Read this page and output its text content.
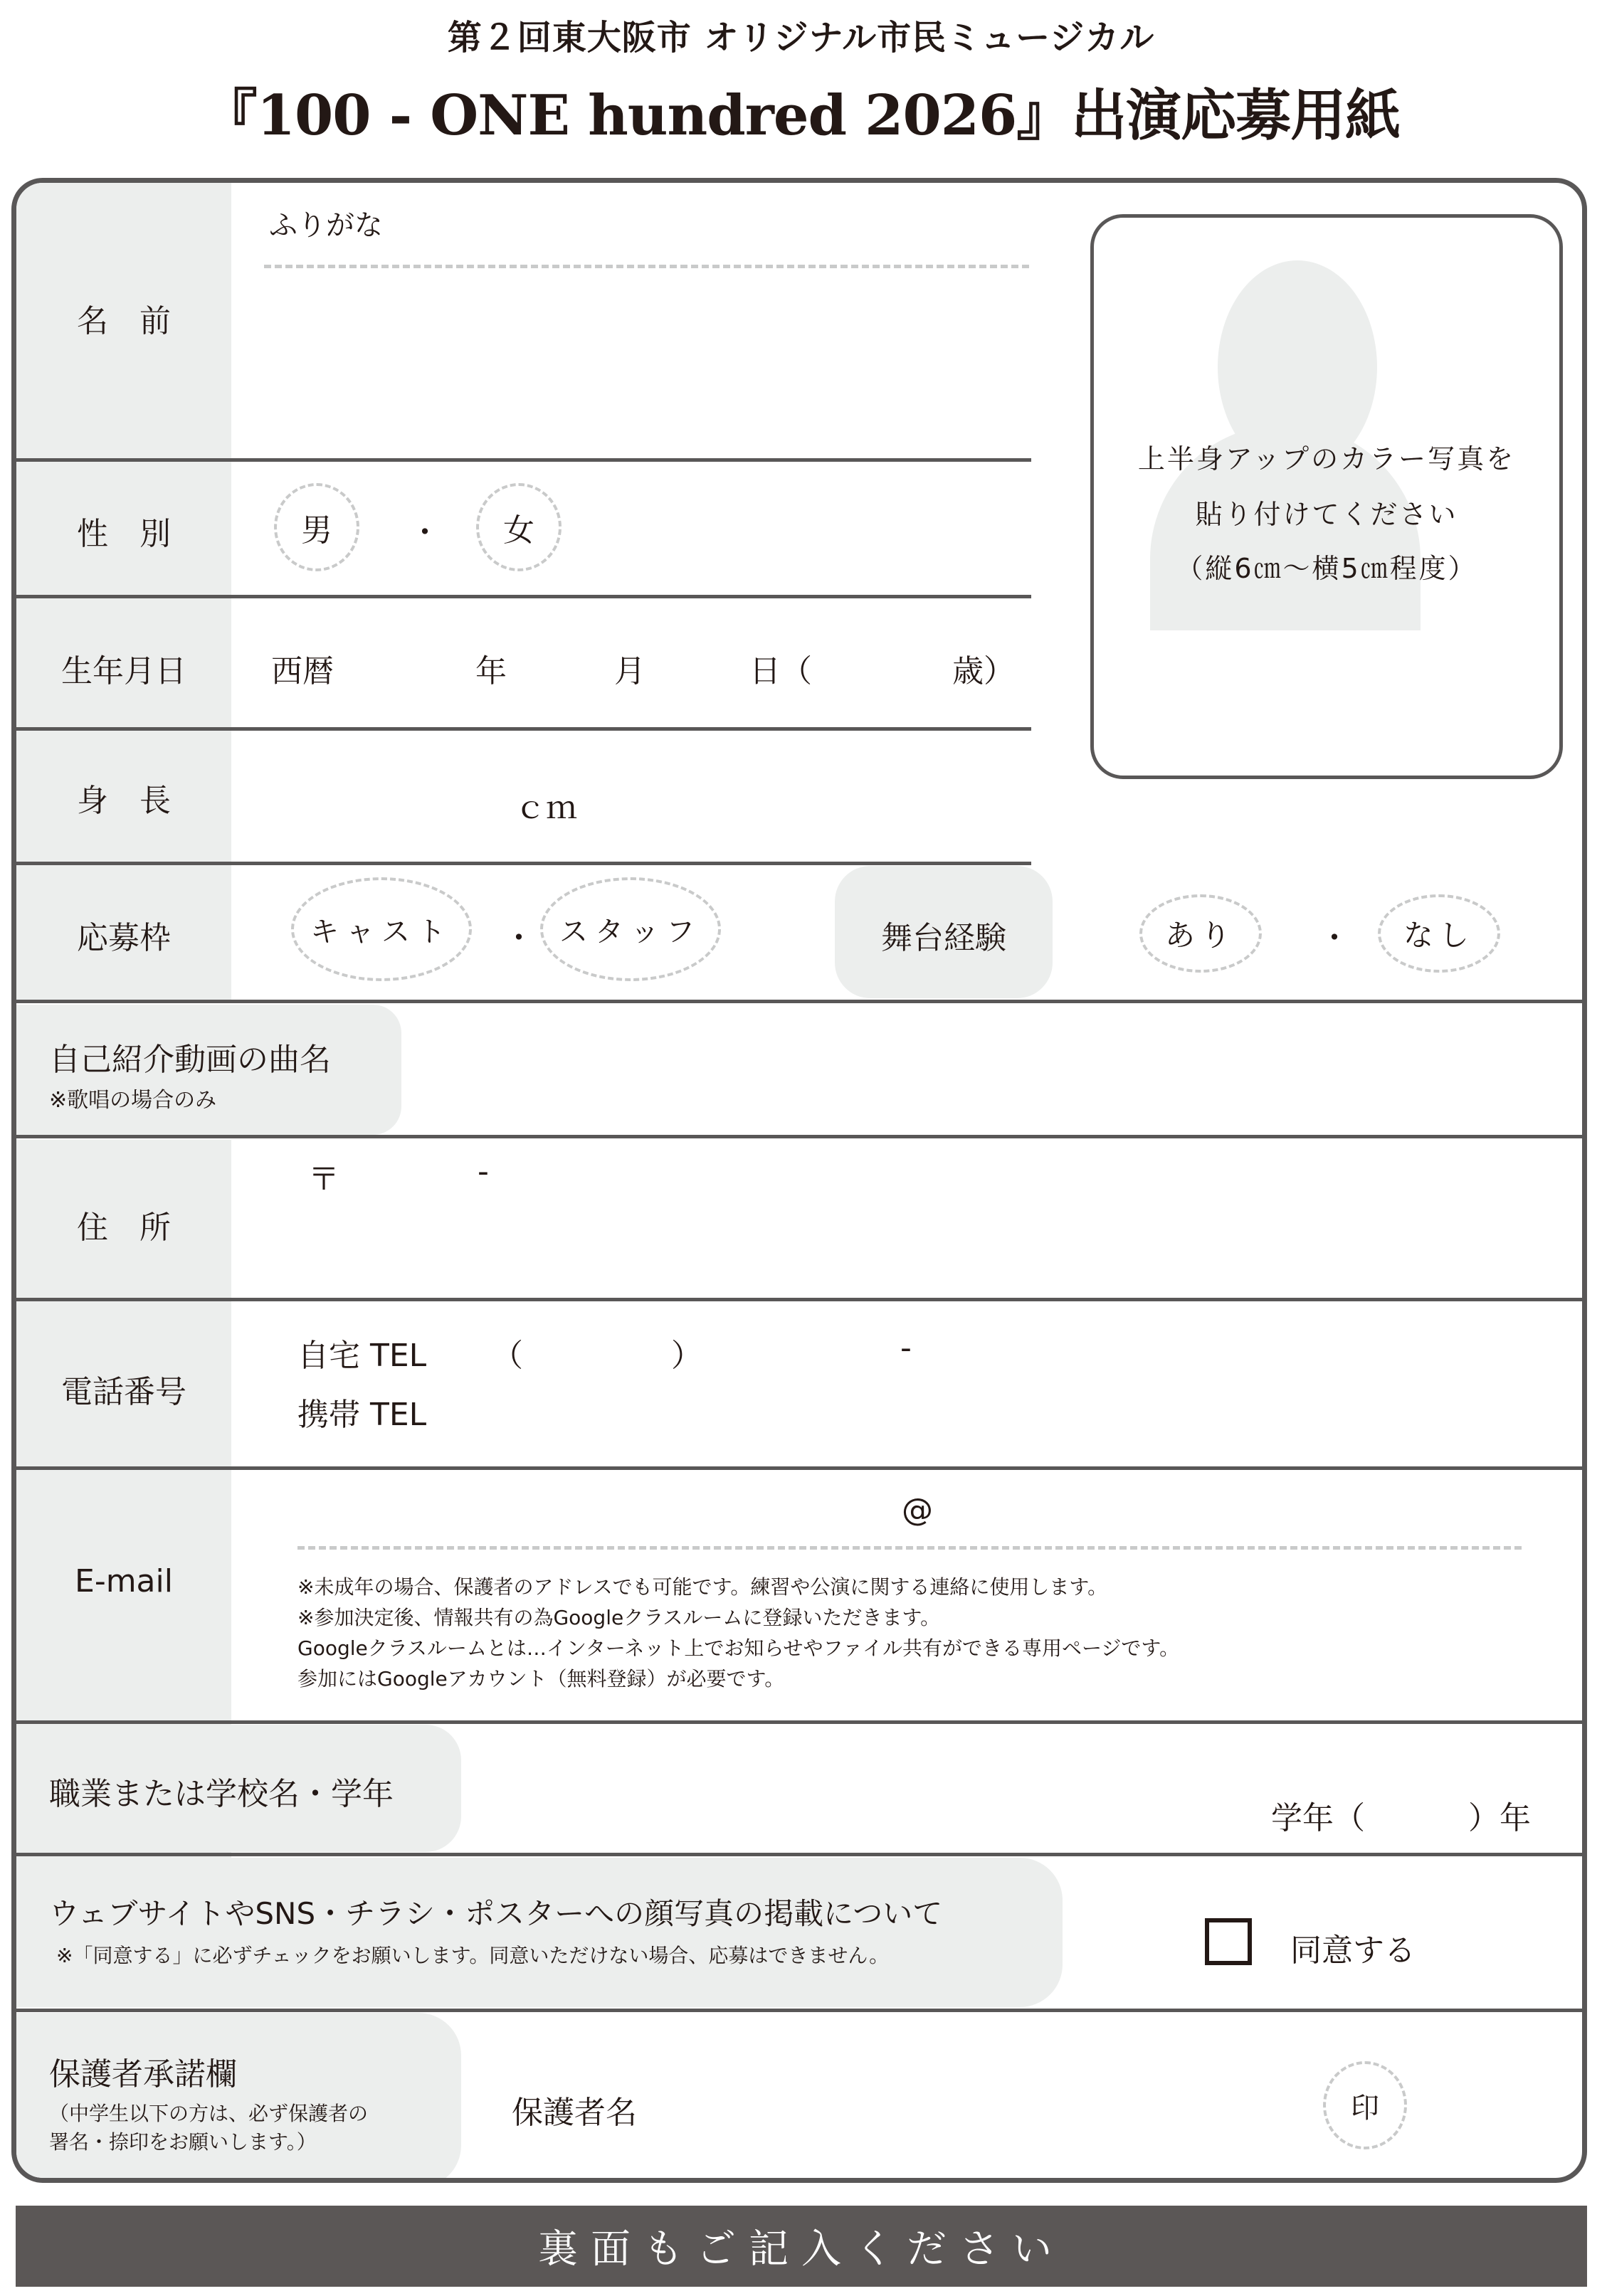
第２回東大阪市 オリジナル市民ミュージカル
『100 - ONE hundred 2026』出演応募用紙
名　前
ふりがな
性　別	男	・	女
生年月日	西暦	年	月	日（	歳）
身　長	ｃｍ
応募枠	キャスト	・ スタッフ	舞台経験	あり	・	なし
上半身アップのカラー写真を
貼り付けてください
（縦6㎝～横5㎝程度）
自己紹介動画の曲名
※歌唱の場合のみ
住　所
〒	-
電話番号
自宅 TEL （	）	-
携帯 TEL
E-mail
@
※未成年の場合、保護者のアドレスでも可能です。練習や公演に関する連絡に使用します。
※参加決定後、情報共有の為Googleクラスルームに登録いただきます。
Googleクラスルームとは…インターネット上でお知らせやファイル共有ができる専用ページです。
参加にはGoogleアカウント（無料登録）が必要です。
職業または学校名・学年
学年（	）年
ウェブサイトやSNS・チラシ・ポスターへの顔写真の掲載について
※「同意する」に必ずチェックをお願いします。同意いただけない場合、応募はできません。	同意する
保護者承諾欄
（中学生以下の方は、必ず保護者の
署名・捺印をお願いします。）
保護者名	印
裏面もご記入ください
